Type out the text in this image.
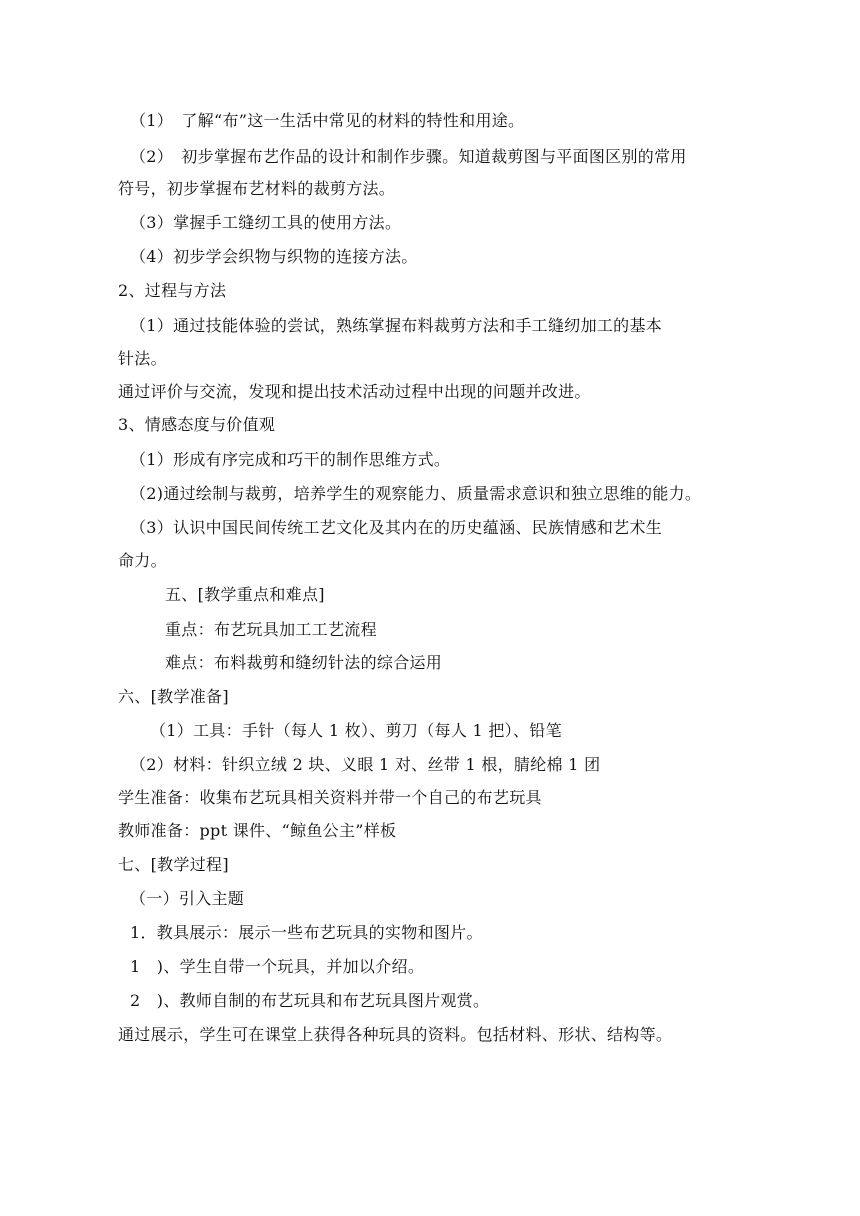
（1）　了解“布”这一生活中常见的材料的特性和用途。
（2）　初步掌握布艺作品的设计和制作步骤。知道裁剪图与平面图区别的常用
符号，初步掌握布艺材料的裁剪方法。
（3）掌握手工缝纫工具的使用方法。
（4）初步学会织物与织物的连接方法。
2、过程与方法
（1）通过技能体验的尝试，熟练掌握布料裁剪方法和手工缝纫加工的基本
针法。
通过评价与交流，发现和提出技术活动过程中出现的问题并改进。
3、情感态度与价值观
（1）形成有序完成和巧干的制作思维方式。
（2)通过绘制与裁剪，培养学生的观察能力、质量需求意识和独立思维的能力。
（3）认识中国民间传统工艺文化及其内在的历史蕴涵、民族情感和艺术生
命力。
五、[教学重点和难点]
重点：布艺玩具加工工艺流程
难点：布料裁剪和缝纫针法的综合运用
六、[教学准备]
（1）工具：手针（每人 1 枚）、剪刀（每人 1 把）、铅笔
（2）材料：针织立绒 2 块、义眼 1 对、丝带 1 根，腈纶棉 1 团
学生准备：收集布艺玩具相关资料并带一个自己的布艺玩具
教师准备：ppt 课件、“鲸鱼公主”样板
七、[教学过程]
（一）引入主题
1．教具展示：展示一些布艺玩具的实物和图片。
1　)、学生自带一个玩具，并加以介绍。
2　)、教师自制的布艺玩具和布艺玩具图片观赏。
通过展示，学生可在课堂上获得各种玩具的资料。包括材料、形状、结构等。
